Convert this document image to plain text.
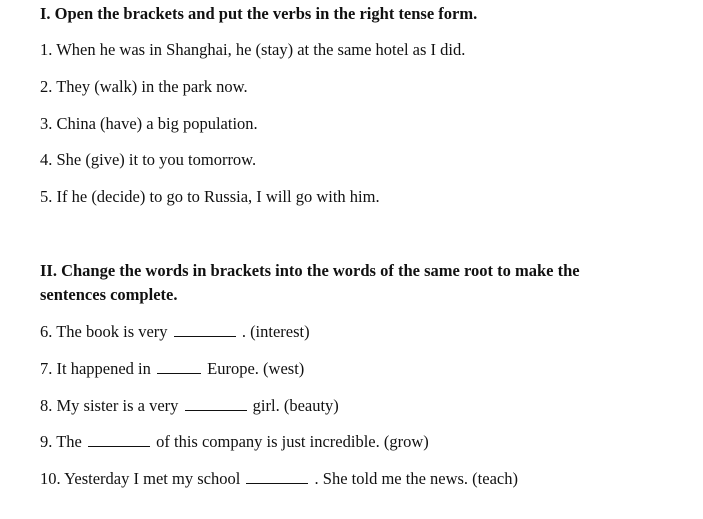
I. Open the brackets and put the verbs in the right tense form.
1. When he was in Shanghai, he (stay) at the same hotel as I did.
2. They (walk) in the park now.
3. China (have) a big population.
4. She (give) it to you tomorrow.
5. If he (decide) to go to Russia, I will go with him.
II. Change the words in brackets into the words of the same root to make the
sentences complete.
6. The book is very	. (interest)
7. It happened in	Europe. (west)
8. My sister is a very	girl. (beauty)
9. The	of this company is just incredible. (grow)
10. Yesterday I met my school	. She told me the news. (teach)
